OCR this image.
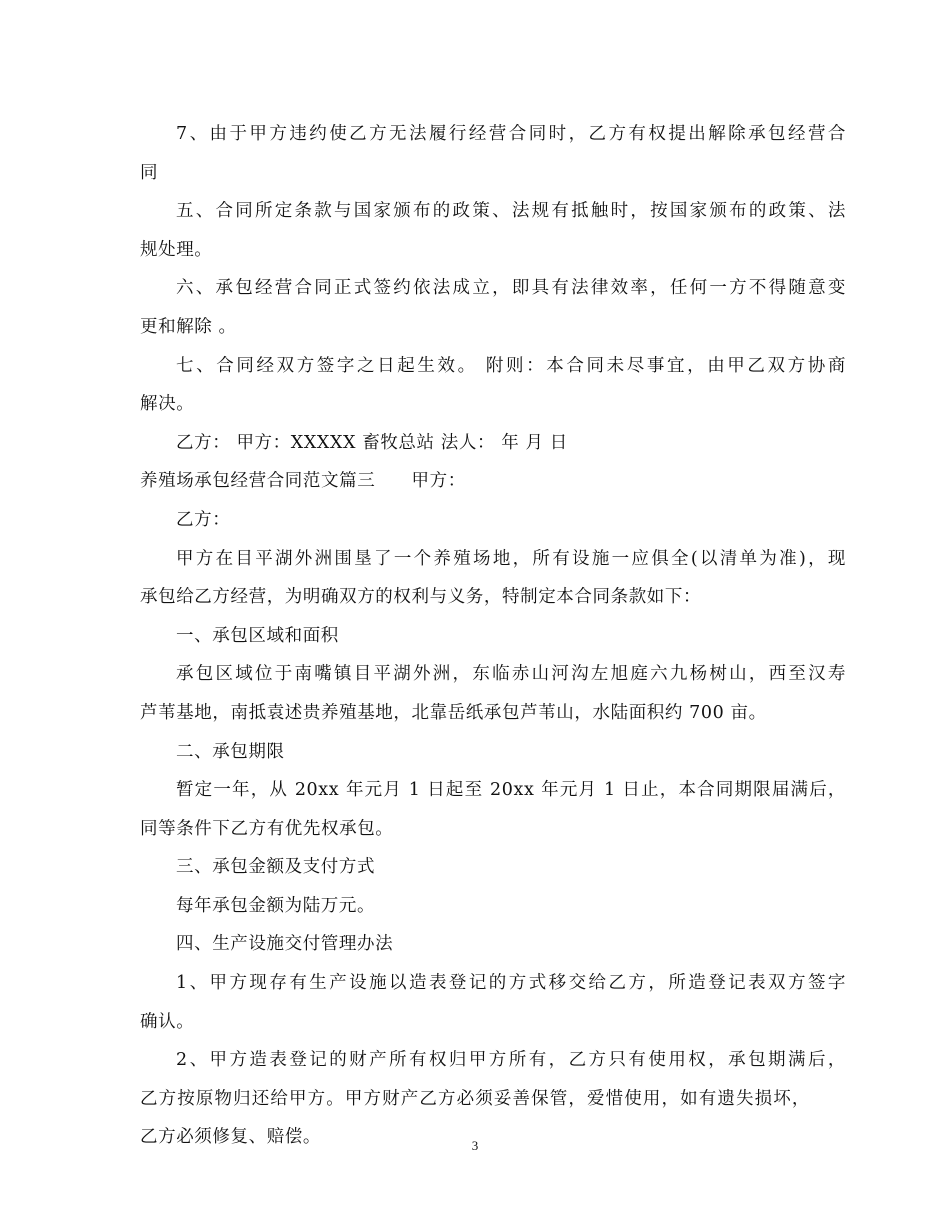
7、由于甲方违约使乙方无法履行经营合同时，乙方有权提出解除承包经营合
同
五、合同所定条款与国家颁布的政策、法规有抵触时，按国家颁布的政策、法
规处理。
六、承包经营合同正式签约依法成立，即具有法律效率，任何一方不得随意变
更和解除 。
七、合同经双方签字之日起生效。 附则：本合同未尽事宜，由甲乙双方协商
解决。
乙方： 甲方：XXXXX 畜牧总站 法人： 年 月 日
养殖场承包经营合同范文篇三　　甲方：
乙方：
甲方在目平湖外洲围垦了一个养殖场地，所有设施一应俱全(以清单为准)，现
承包给乙方经营，为明确双方的权利与义务，特制定本合同条款如下：
一、承包区域和面积
承包区域位于南嘴镇目平湖外洲，东临赤山河沟左旭庭六九杨树山，西至汉寿
芦苇基地，南抵袁述贵养殖基地，北靠岳纸承包芦苇山，水陆面积约 700 亩。
二、承包期限
暂定一年，从 20xx 年元月 1 日起至 20xx 年元月 1 日止，本合同期限届满后，
同等条件下乙方有优先权承包。
三、承包金额及支付方式
每年承包金额为陆万元。
四、生产设施交付管理办法
1、甲方现存有生产设施以造表登记的方式移交给乙方，所造登记表双方签字
确认。
2、甲方造表登记的财产所有权归甲方所有，乙方只有使用权，承包期满后，
乙方按原物归还给甲方。甲方财产乙方必须妥善保管，爱惜使用，如有遗失损坏，
乙方必须修复、赔偿。	3
